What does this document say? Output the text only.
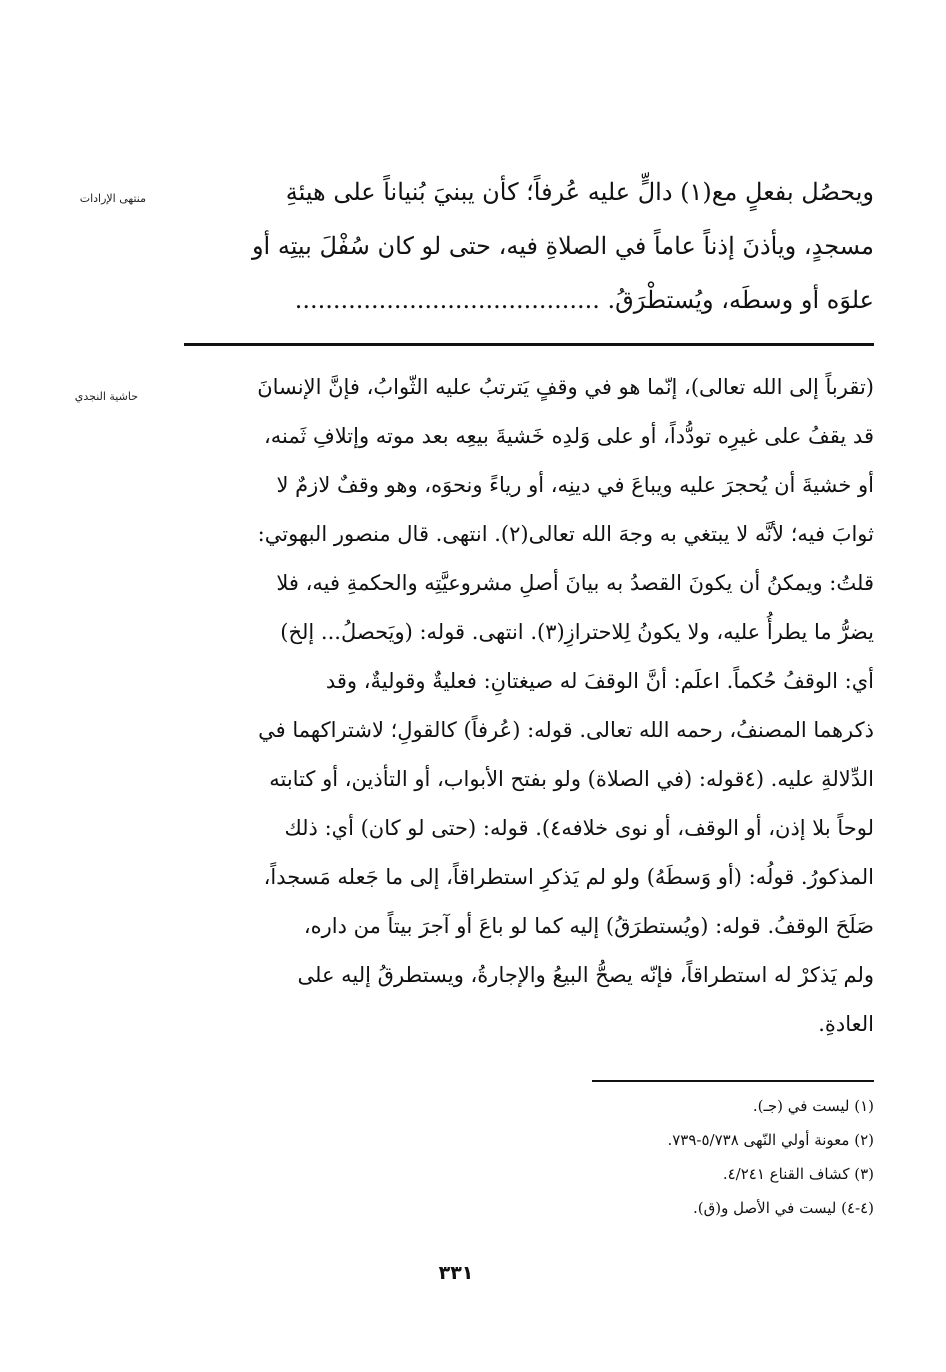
منتهى الإرادات
حاشية النجدي
ويحصُل بفعلٍ مع(١) دالٍّ عليه عُرفاً؛ كأن يبنيَ بُنياناً على هيئةِ
مسجدٍ، ويأذنَ إذناً عاماً في الصلاةِ فيه، حتى لو كان سُفْلَ بيتِه أو
علوَه أو وسطَه، ويُستطْرَقُ. ........................................
(تقرباً إلى الله تعالى)، إنّما هو في وقفٍ يَترتبُ عليه الثّوابُ، فإنَّ الإنسانَ
قد يقفُ على غيرِه تودُّداً، أو على وَلدِه خَشيةَ بيعِه بعد موته وإتلافِ ثَمنه،
أو خشيةَ أن يُحجرَ عليه ويباعَ في دينِه، أو رياءً ونحوَه، وهو وقفٌ لازمٌ لا
ثوابَ فيه؛ لأنَّه لا يبتغي به وجهَ الله تعالى(٢). انتهى. قال منصور البهوتي:
قلتُ: ويمكنُ أن يكونَ القصدُ به بيانَ أصلِ مشروعيَّتِه والحكمةِ فيه، فلا
يضرُّ ما يطرأُ عليه، ولا يكونُ لِلاحترازِ(٣). انتهى. قوله: (ويَحصلُ... إلخ)
أي: الوقفُ حُكماً. اعلَم: أنَّ الوقفَ له صيغتانِ: فعليةٌ وقوليةٌ، وقد
ذكرهما المصنفُ، رحمه الله تعالى. قوله: (عُرفاً) كالقولِ؛ لاشتراكهما في
الدِّلالةِ عليه. (٤قوله: (في الصلاة) ولو بفتح الأبواب، أو التأذين، أو كتابته
لوحاً بلا إذن، أو الوقف، أو نوى خلافه٤). قوله: (حتى لو كان) أي: ذلك
المذكورُ. قولُه: (أو وَسطَهُ) ولو لم يَذكرِ استطراقاً، إلى ما جَعله مَسجداً،
صَلَحَ الوقفُ. قوله: (ويُستطرَقُ) إليه كما لو باعَ أو آجرَ بيتاً من داره،
ولم يَذكرْ له استطراقاً، فإنّه يصحُّ البيعُ والإجارةُ، ويستطرقُ إليه على
العادةِ.
(١) ليست في (جـ).
(٢) معونة أولي النّهى ٥/٧٣٨-٧٣٩.
(٣) كشاف القناع ٤/٢٤١.
(٤-٤) ليست في الأصل و(ق).
٣٣١
